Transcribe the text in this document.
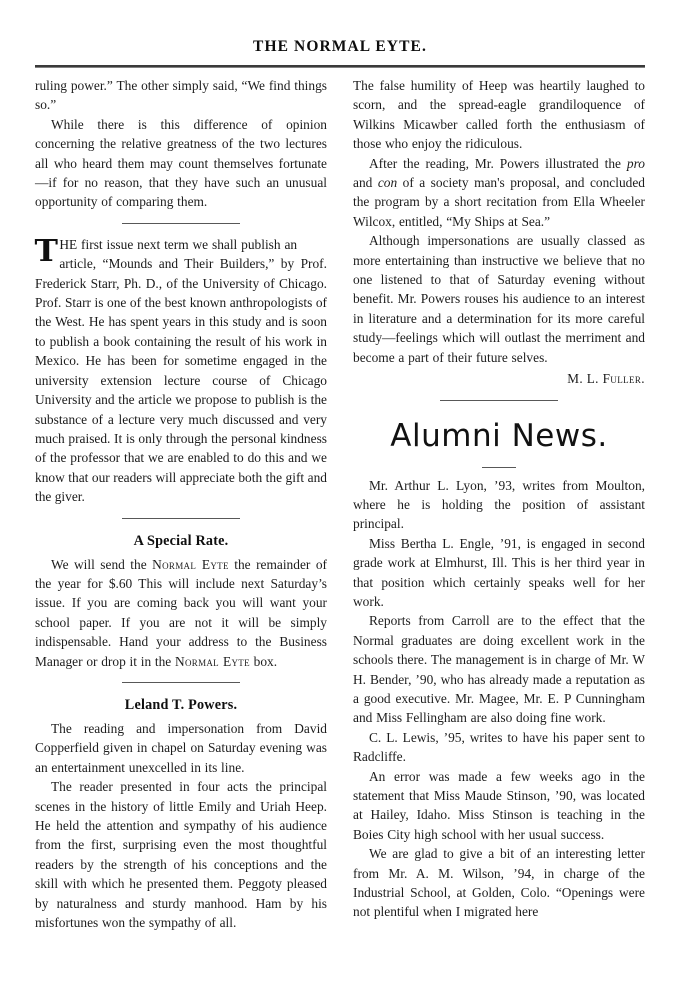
THE NORMAL EYTE.

ruling power.” The other simply said, “We find things so.”

While there is this difference of opinion concerning the relative greatness of the two lectures all who heard them may count themselves fortunate—if for no reason, that they have such an unusual opportunity of comparing them.

THE first issue next term we shall publish an article, “Mounds and Their Builders,” by Prof. Frederick Starr, Ph. D., of the University of Chicago. Prof. Starr is one of the best known anthropologists of the West. He has spent years in this study and is soon to publish a book containing the result of his work in Mexico. He has been for sometime engaged in the university extension lecture course of Chicago University and the article we propose to publish is the substance of a lecture very much discussed and very much praised. It is only through the personal kindness of the professor that we are enabled to do this and we know that our readers will appreciate both the gift and the giver.

A Special Rate.

We will send the Normal Eyte the remainder of the year for $.60 This will include next Saturday’s issue. If you are coming back you will want your school paper. If you are not it will be simply indispensable. Hand your address to the Business Manager or drop it in the Normal Eyte box.

Leland T. Powers.

The reading and impersonation from David Copperfield given in chapel on Saturday evening was an entertainment unexcelled in its line.

The reader presented in four acts the principal scenes in the history of little Emily and Uriah Heep. He held the attention and sympathy of his audience from the first, surprising even the most thoughtful readers by the strength of his conceptions and the skill with which he presented them. Peggoty pleased by naturalness and sturdy manhood. Ham by his misfortunes won the sympathy of all.

The false humility of Heep was heartily laughed to scorn, and the spread-eagle grandiloquence of Wilkins Micawber called forth the enthusiasm of those who enjoy the ridiculous.

After the reading, Mr. Powers illustrated the pro and con of a society man's proposal, and concluded the program by a short recitation from Ella Wheeler Wilcox, entitled, “My Ships at Sea.”

Although impersonations are usually classed as more entertaining than instructive we believe that no one listened to that of Saturday evening without benefit. Mr. Powers rouses his audience to an interest in literature and a determination for its more careful study—feelings which will outlast the merriment and become a part of their future selves.

M. L. Fuller.

Alumni News.

Mr. Arthur L. Lyon, ’93, writes from Moulton, where he is holding the position of assistant principal.

Miss Bertha L. Engle, ’91, is engaged in second grade work at Elmhurst, Ill. This is her third year in that position which certainly speaks well for her work.

Reports from Carroll are to the effect that the Normal graduates are doing excellent work in the schools there. The management is in charge of Mr. W H. Bender, ’90, who has already made a reputation as a good executive. Mr. Magee, Mr. E. P Cunningham and Miss Fellingham are also doing fine work.

C. L. Lewis, ’95, writes to have his paper sent to Radcliffe.

An error was made a few weeks ago in the statement that Miss Maude Stinson, ’90, was located at Hailey, Idaho. Miss Stinson is teaching in the Boies City high school with her usual success.

We are glad to give a bit of an interesting letter from Mr. A. M. Wilson, ’94, in charge of the Industrial School, at Golden, Colo. “Openings were not plentiful when I migrated here
